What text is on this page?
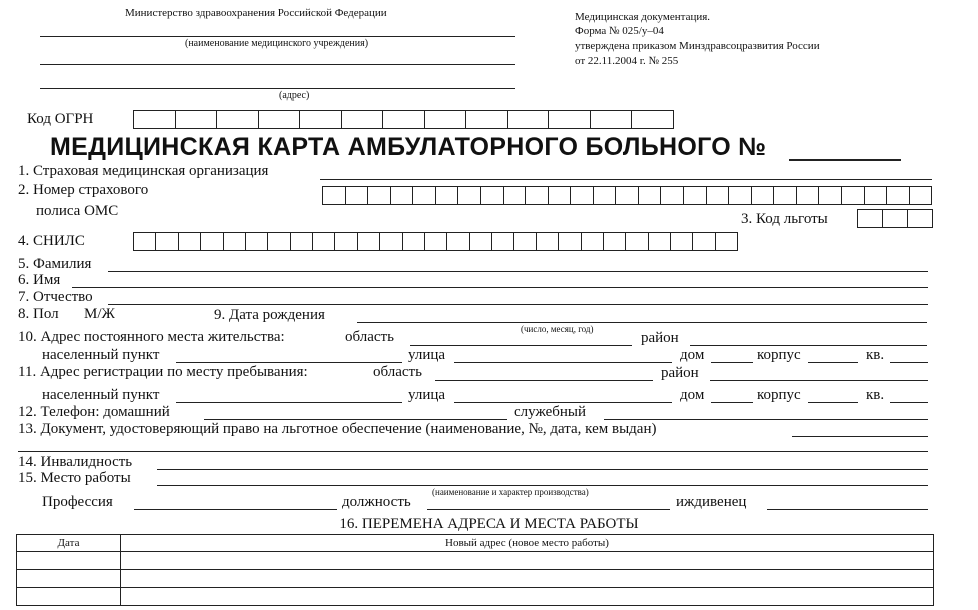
Министерство здравоохранения Российской Федерации
(наименование медицинского учреждения)
(адрес)
Медицинская документация.
Форма № 025/у–04
утверждена приказом Минздравсоцразвития России
от 22.11.2004 г. № 255
Код ОГРН
МЕДИЦИНСКАЯ КАРТА АМБУЛАТОРНОГО БОЛЬНОГО №
1. Страховая медицинская организация
2. Номер страхового
полиса ОМС	3. Код льготы
4. СНИЛС
5. Фамилия
6. Имя
7. Отчество
8. Пол М/Ж	9. Дата рождения
(число, месяц, год)
10. Адрес постоянного места жительства:	область	район
населенный пункт	улица	дом	корпус	кв.
11. Адрес регистрации по месту пребывания:	область	район
населенный пункт	улица	дом	корпус	кв.
12. Телефон: домашний	служебный
13. Документ, удостоверяющий право на льготное обеспечение (наименование, №, дата, кем выдан)
14. Инвалидность
15. Место работы
(наименование и характер производства)
Профессия	должность	иждивенец
16. ПЕРЕМЕНА АДРЕСА И МЕСТА РАБОТЫ
Дата	Новый адрес (новое место работы)
